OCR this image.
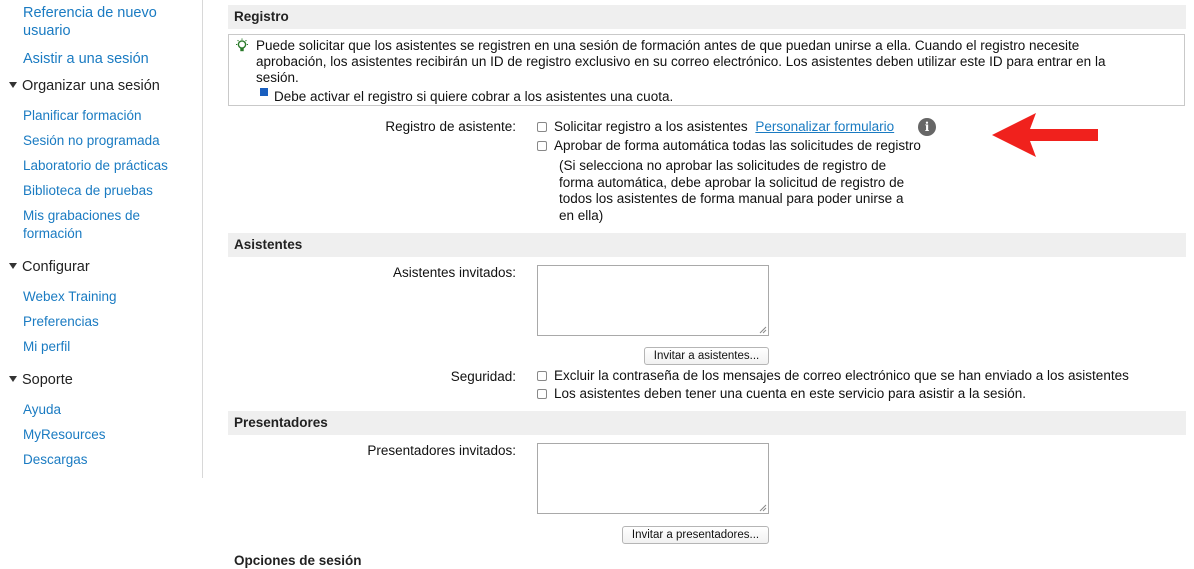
Referencia de nuevo
usuario
Asistir a una sesión
Organizar una sesión
Planificar formación
Sesión no programada
Laboratorio de prácticas
Biblioteca de pruebas
Mis grabaciones de
formación
Configurar
Webex Training
Preferencias
Mi perfil
Soporte
Ayuda
MyResources
Descargas
Registro
Puede solicitar que los asistentes se registren en una sesión de formación antes de que puedan unirse a ella. Cuando el registro necesite
aprobación, los asistentes recibirán un ID de registro exclusivo en su correo electrónico. Los asistentes deben utilizar este ID para entrar en la
sesión.
Debe activar el registro si quiere cobrar a los asistentes una cuota.
Registro de asistente:	Solicitar registro a los asistentes Personalizar formulario	i
Aprobar de forma automática todas las solicitudes de registro
(Si selecciona no aprobar las solicitudes de registro de
forma automática, debe aprobar la solicitud de registro de
todos los asistentes de forma manual para poder unirse a
en ella)
Asistentes
Asistentes invitados:
Invitar a asistentes...
Seguridad:	Excluir la contraseña de los mensajes de correo electrónico que se han enviado a los asistentes
Los asistentes deben tener una cuenta en este servicio para asistir a la sesión.
Presentadores
Presentadores invitados:
Invitar a presentadores...
Opciones de sesión
